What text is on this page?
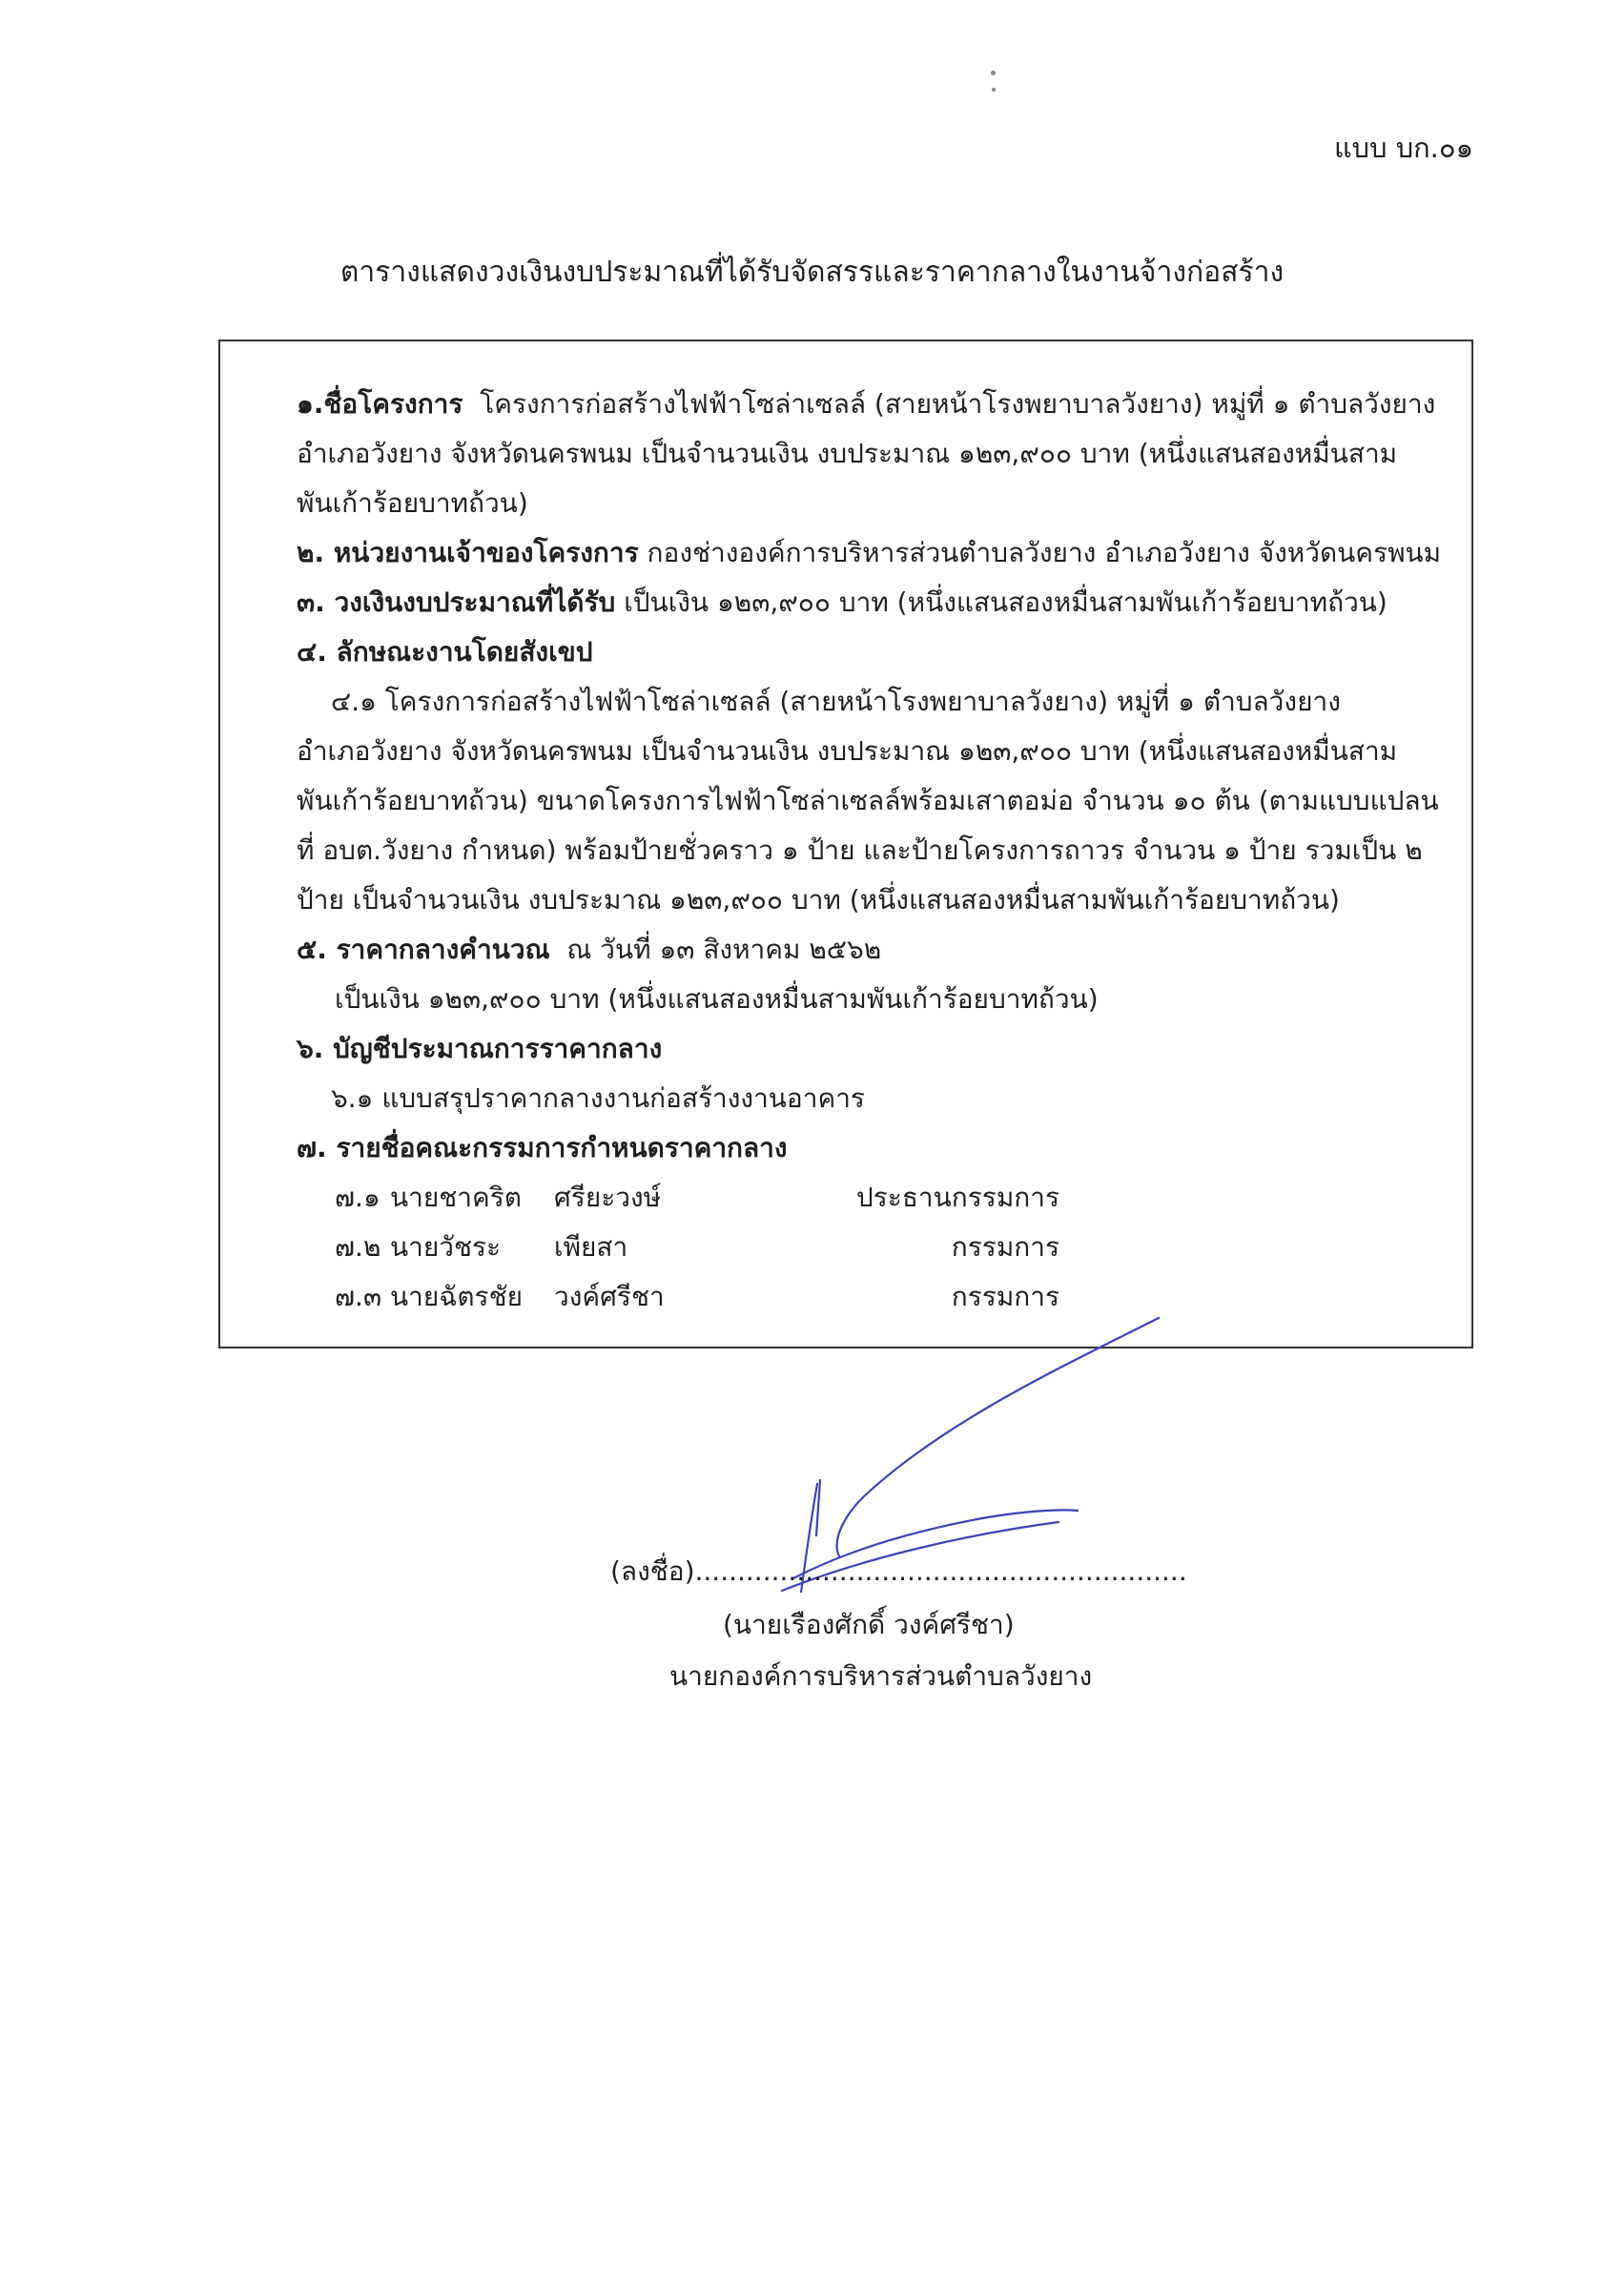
แบบ บก.๐๑
ตารางแสดงวงเงินงบประมาณที่ได้รับจัดสรรและราคากลางในงานจ้างก่อสร้าง
๑.ชื่อโครงการ โครงการก่อสร้างไฟฟ้าโซล่าเซลล์ (สายหน้าโรงพยาบาลวังยาง) หมู่ที่ ๑ ตำบลวังยาง
อำเภอวังยาง จังหวัดนครพนม เป็นจำนวนเงิน งบประมาณ ๑๒๓,๙๐๐ บาท (หนึ่งแสนสองหมื่นสาม
พันเก้าร้อยบาทถ้วน)
๒. หน่วยงานเจ้าของโครงการ กองช่างองค์การบริหารส่วนตำบลวังยาง อำเภอวังยาง จังหวัดนครพนม
๓. วงเงินงบประมาณที่ได้รับ เป็นเงิน ๑๒๓,๙๐๐ บาท (หนึ่งแสนสองหมื่นสามพันเก้าร้อยบาทถ้วน)
๔. ลักษณะงานโดยสังเขป
๔.๑ โครงการก่อสร้างไฟฟ้าโซล่าเซลล์ (สายหน้าโรงพยาบาลวังยาง) หมู่ที่ ๑ ตำบลวังยาง
อำเภอวังยาง จังหวัดนครพนม เป็นจำนวนเงิน งบประมาณ ๑๒๓,๙๐๐ บาท (หนึ่งแสนสองหมื่นสาม
พันเก้าร้อยบาทถ้วน) ขนาดโครงการไฟฟ้าโซล่าเซลล์พร้อมเสาตอม่อ จำนวน ๑๐ ต้น (ตามแบบแปลน
ที่ อบต.วังยาง กำหนด) พร้อมป้ายชั่วคราว ๑ ป้าย และป้ายโครงการถาวร จำนวน ๑ ป้าย รวมเป็น ๒
ป้าย เป็นจำนวนเงิน งบประมาณ ๑๒๓,๙๐๐ บาท (หนึ่งแสนสองหมื่นสามพันเก้าร้อยบาทถ้วน)
๕. ราคากลางคำนวณ ณ วันที่ ๑๓ สิงหาคม ๒๕๖๒
เป็นเงิน ๑๒๓,๙๐๐ บาท (หนึ่งแสนสองหมื่นสามพันเก้าร้อยบาทถ้วน)
๖. บัญชีประมาณการราคากลาง
๖.๑ แบบสรุปราคากลางงานก่อสร้างงานอาคาร
๗. รายชื่อคณะกรรมการกำหนดราคากลาง
๗.๑ นายชาคริต ศรียะวงษ์	ประธานกรรมการ
๗.๒ นายวัชระ เพียสา	กรรมการ
๗.๓ นายฉัตรชัย วงค์ศรีชา	กรรมการ
(ลงชื่อ)..........................................................
(นายเรืองศักดิ์ วงค์ศรีชา)
นายกองค์การบริหารส่วนตำบลวังยาง
